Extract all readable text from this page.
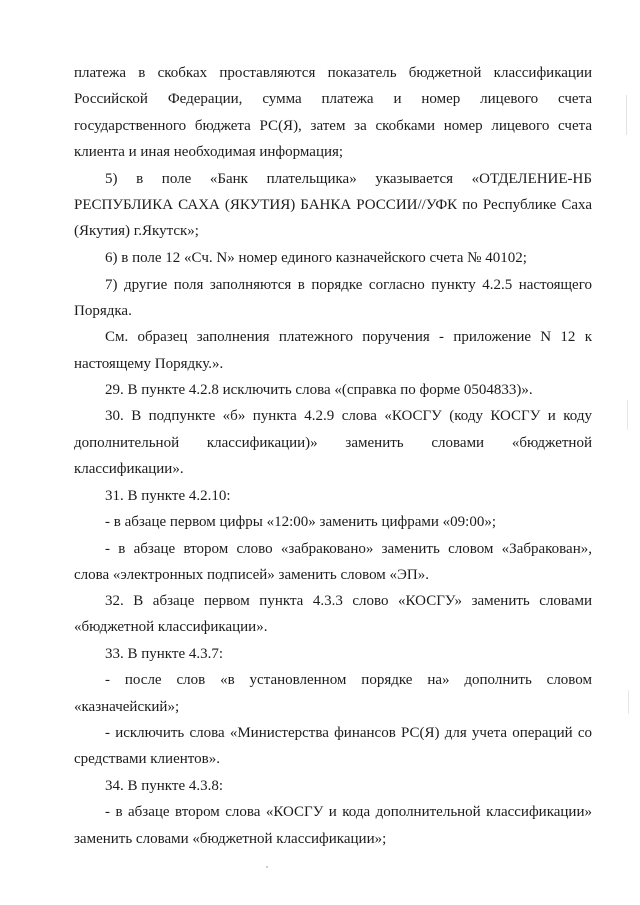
платежа в скобках проставляются показатель бюджетной классификации
Российской Федерации, сумма платежа и номер лицевого счета
государственного бюджета РС(Я), затем за скобками номер лицевого счета
клиента и иная необходимая информация;
5) в поле «Банк плательщика» указывается «ОТДЕЛЕНИЕ-НБ
РЕСПУБЛИКА САХА (ЯКУТИЯ) БАНКА РОССИИ//УФК по Республике Саха
(Якутия) г.Якутск»;
6) в поле 12 «Сч. N» номер единого казначейского счета № 40102;
7) другие поля заполняются в порядке согласно пункту 4.2.5 настоящего
Порядка.
См. образец заполнения платежного поручения - приложение N 12 к
настоящему Порядку.».
29. В пункте 4.2.8 исключить слова «(справка по форме 0504833)».
30. В подпункте «б» пункта 4.2.9 слова «КОСГУ (коду КОСГУ и коду
дополнительной классификации)» заменить словами «бюджетной
классификации».
31. В пункте 4.2.10:
- в абзаце первом цифры «12:00» заменить цифрами «09:00»;
- в абзаце втором слово «забраковано» заменить словом «Забракован»,
слова «электронных подписей» заменить словом «ЭП».
32. В абзаце первом пункта 4.3.3 слово «КОСГУ» заменить словами
«бюджетной классификации».
33. В пункте 4.3.7:
- после слов «в установленном порядке на» дополнить словом
«казначейский»;
- исключить слова «Министерства финансов РС(Я) для учета операций со
средствами клиентов».
34. В пункте 4.3.8:
- в абзаце втором слова «КОСГУ и кода дополнительной классификации»
заменить словами «бюджетной классификации»;
